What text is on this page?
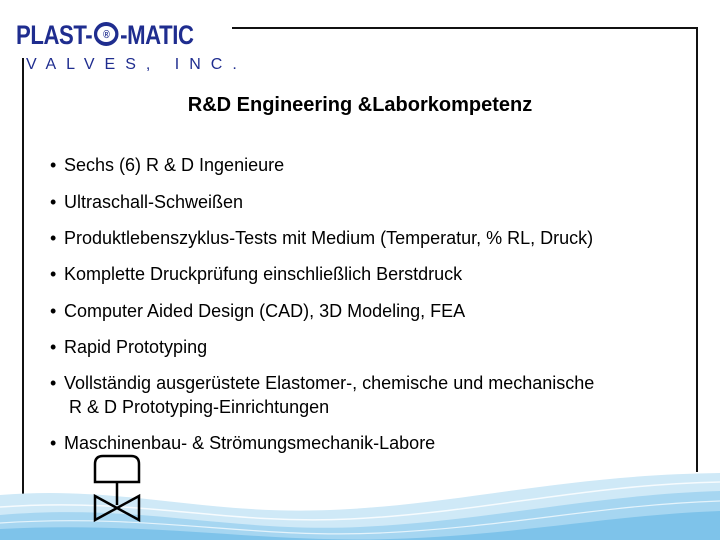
PLAST- ® -MATIC
VALVES, INC.
R&D Engineering &Laborkompetenz
• Sechs (6) R & D Ingenieure
• Ultraschall-Schweißen
• Produktlebenszyklus-Tests mit Medium (Temperatur, % RL, Druck)
• Komplette Druckprüfung einschließlich Berstdruck
• Computer Aided Design (CAD), 3D Modeling, FEA
• Rapid Prototyping
• Vollständig ausgerüstete Elastomer-, chemische und mechanische
R & D Prototyping-Einrichtungen
• Maschinenbau- & Strömungsmechanik-Labore
